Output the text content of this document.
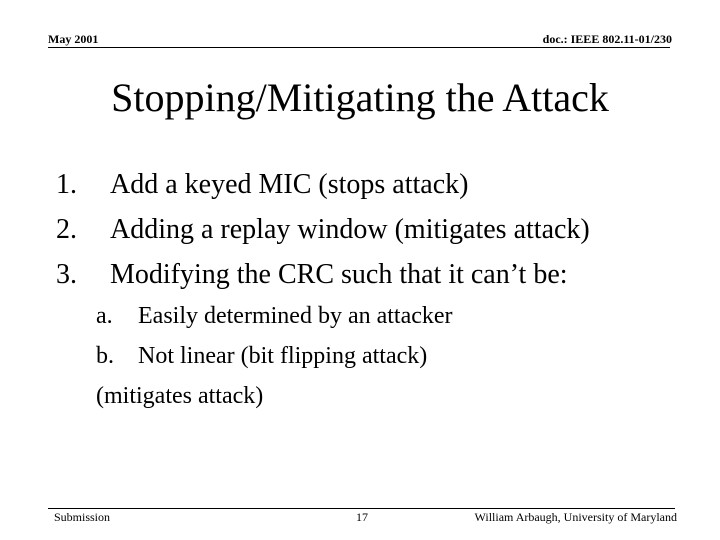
May 2001	doc.: IEEE 802.11-01/230
Stopping/Mitigating the Attack
1. Add a keyed MIC (stops attack)
2. Adding a replay window (mitigates attack)
3. Modifying the CRC such that it can’t be:
a. Easily determined by an attacker
b. Not linear (bit flipping attack)
(mitigates attack)
Submission	17	William Arbaugh, University of Maryland
